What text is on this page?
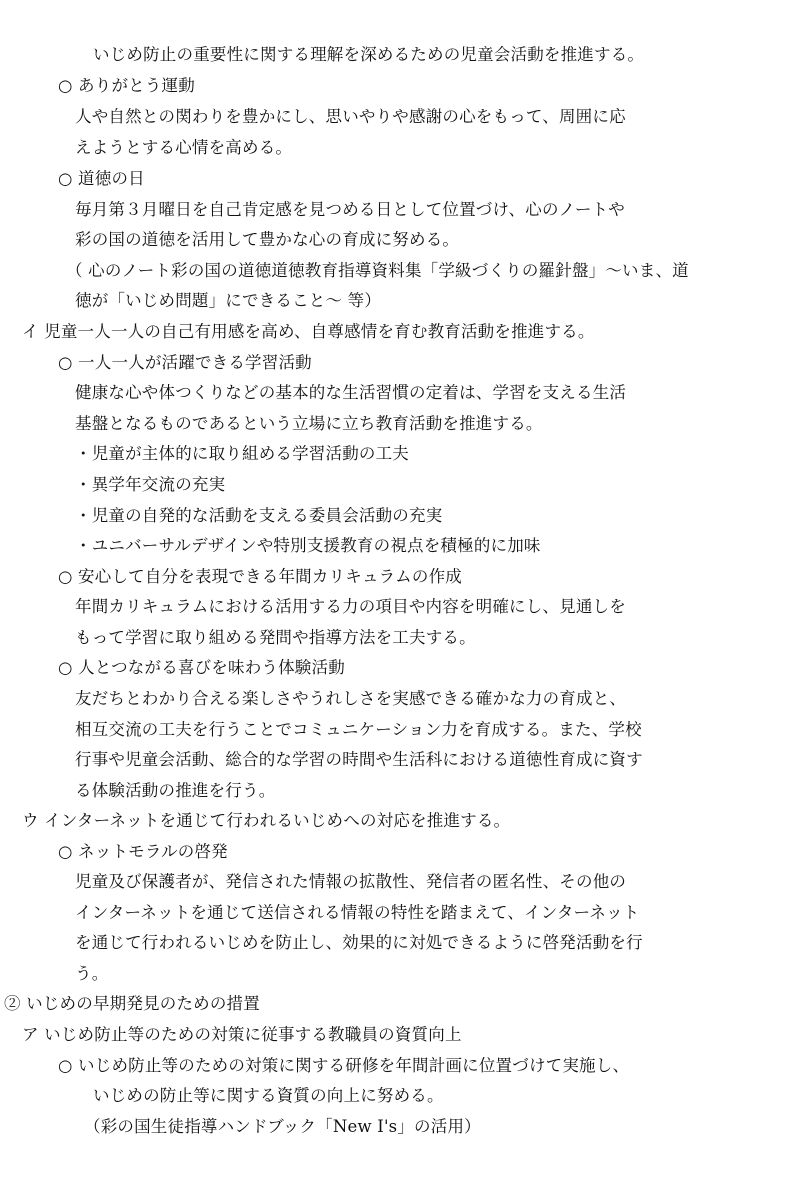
いじめ防止の重要性に関する理解を深めるための児童会活動を推進する。
○ ありがとう運動
人や自然との関わりを豊かにし、思いやりや感謝の心をもって、周囲に応
えようとする心情を高める。
○ 道徳の日
毎月第３月曜日を自己肯定感を見つめる日として位置づけ、心のノートや
彩の国の道徳を活用して豊かな心の育成に努める。
（ 心のノート彩の国の道徳道徳教育指導資料集「学級づくりの羅針盤」〜いま、道
徳が「いじめ問題」にできること〜 等）
イ 児童一人一人の自己有用感を高め、自尊感情を育む教育活動を推進する。
○ 一人一人が活躍できる学習活動
健康な心や体つくりなどの基本的な生活習慣の定着は、学習を支える生活
基盤となるものであるという立場に立ち教育活動を推進する。
・児童が主体的に取り組める学習活動の工夫
・異学年交流の充実
・児童の自発的な活動を支える委員会活動の充実
・ユニバーサルデザインや特別支援教育の視点を積極的に加味
○ 安心して自分を表現できる年間カリキュラムの作成
年間カリキュラムにおける活用する力の項目や内容を明確にし、見通しを
もって学習に取り組める発問や指導方法を工夫する。
○ 人とつながる喜びを味わう体験活動
友だちとわかり合える楽しさやうれしさを実感できる確かな力の育成と、
相互交流の工夫を行うことでコミュニケーション力を育成する。また、学校
行事や児童会活動、総合的な学習の時間や生活科における道徳性育成に資す
る体験活動の推進を行う。
ウ インターネットを通じて行われるいじめへの対応を推進する。
○ ネットモラルの啓発
児童及び保護者が、発信された情報の拡散性、発信者の匿名性、その他の
インターネットを通じて送信される情報の特性を踏まえて、インターネット
を通じて行われるいじめを防止し、効果的に対処できるように啓発活動を行
う。
② いじめの早期発見のための措置
ア いじめ防止等のための対策に従事する教職員の資質向上
○ いじめ防止等のための対策に関する研修を年間計画に位置づけて実施し、
いじめの防止等に関する資質の向上に努める。
（彩の国生徒指導ハンドブック「New I's」の活用）
